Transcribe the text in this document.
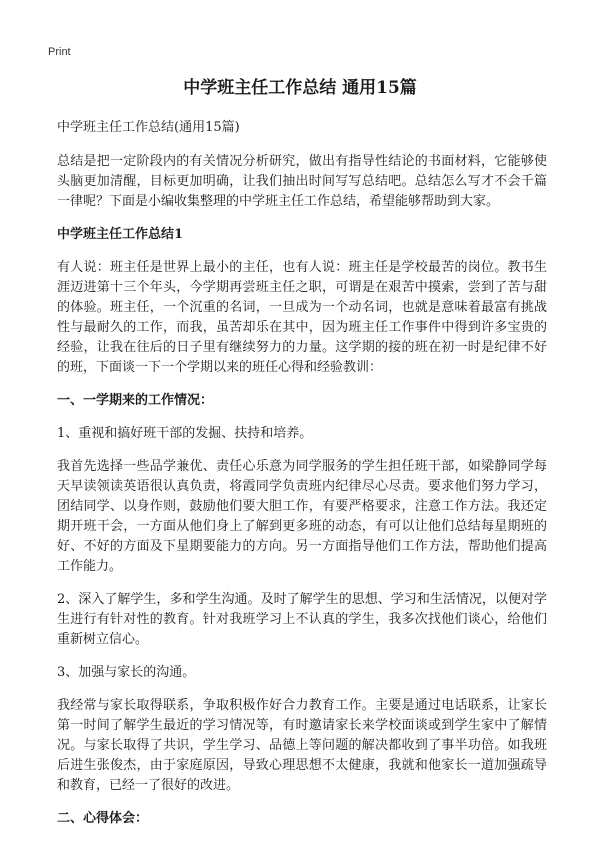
Print
中学班主任工作总结 通用15篇

中学班主任工作总结(通用15篇)

总结是把一定阶段内的有关情况分析研究，做出有指导性结论的书面材料，它能够使头脑更加清醒，目标更加明确，让我们抽出时间写写总结吧。总结怎么写才不会千篇一律呢？下面是小编收集整理的中学班主任工作总结，希望能够帮助到大家。

中学班主任工作总结1

有人说：班主任是世界上最小的主任，也有人说：班主任是学校最苦的岗位。教书生涯迈进第十三个年头，今学期再尝班主任之职，可谓是在艰苦中摸索，尝到了苦与甜的体验。班主任，一个沉重的名词，一旦成为一个动名词，也就是意味着最富有挑战性与最耐久的工作，而我，虽苦却乐在其中，因为班主任工作事件中得到许多宝贵的经验，让我在往后的日子里有继续努力的力量。这学期的接的班在初一时是纪律不好的班，下面谈一下一个学期以来的班任心得和经验教训：

一、一学期来的工作情况：

1、重视和搞好班干部的发掘、扶持和培养。

我首先选择一些品学兼优、责任心乐意为同学服务的学生担任班干部，如梁静同学每天早读领读英语很认真负责，将霞同学负责班内纪律尽心尽责。要求他们努力学习，团结同学、以身作则，鼓励他们要大胆工作，有要严格要求，注意工作方法。我还定期开班干会，一方面从他们身上了解到更多班的动态，有可以让他们总结每星期班的好、不好的方面及下星期要能力的方向。另一方面指导他们工作方法，帮助他们提高工作能力。

2、深入了解学生，多和学生沟通。及时了解学生的思想、学习和生活情况，以便对学生进行有针对性的教育。针对我班学习上不认真的学生，我多次找他们谈心，给他们重新树立信心。

3、加强与家长的沟通。

我经常与家长取得联系，争取积极作好合力教育工作。主要是通过电话联系，让家长第一时间了解学生最近的学习情况等，有时邀请家长来学校面谈或到学生家中了解情况。与家长取得了共识，学生学习、品德上等问题的解决都收到了事半功倍。如我班后进生张俊杰，由于家庭原因，导致心理思想不太健康，我就和他家长一道加强疏导和教育，已经一了很好的改进。

二、心得体会：
